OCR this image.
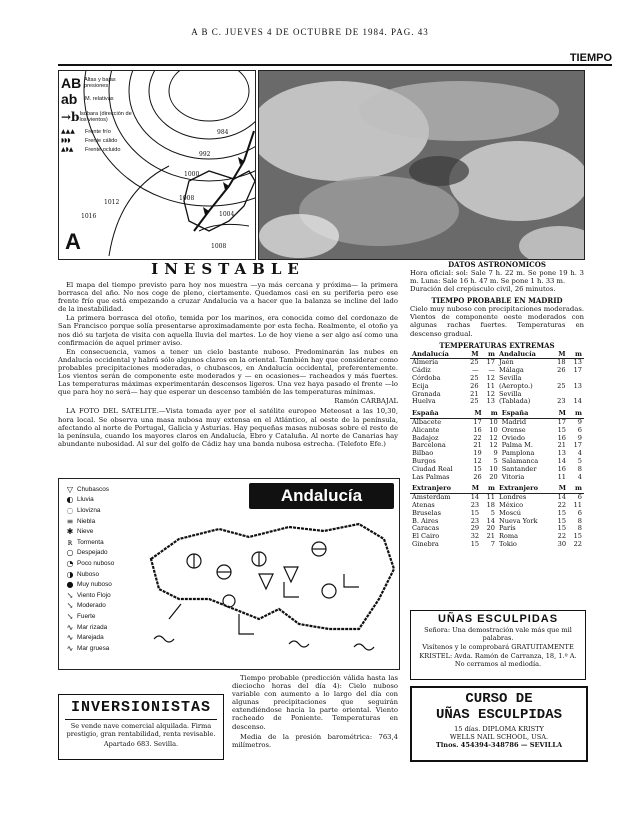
A B C. JUEVES 4 DE OCTUBRE DE 1984. PAG. 43
TIEMPO
AB Altas y bajas presiones
ab	M. relativas
→b Isobara (dirección de los vientos)
▲▲▲	Frente frío
◗◗◗	Frente cálido
▲◗▲	Frente ocluido
984
992
1000
1008
1016
1012
1004
1008
A
INESTABLE

El mapa del tiempo previsto para hoy nos muestra —ya más cercana y próxima— la primera borrasca del año. No nos coge de pleno, ciertamente. Quedamos casi en su periferia pero ese frente frío que está empezando a cruzar Andalucía va a hacer que la balanza se incline del lado de la inestabilidad.

La primera borrasca del otoño, temida por los marinos, era conocida como del cordonazo de San Francisco porque solía presentarse aproximadamente por esta fecha. Realmente, el otoño ya nos dió su tarjeta de visita con aquella lluvia del martes. Lo de hoy viene a ser algo así como una confirmación de aquel primer aviso.

En consecuencia, vamos a tener un cielo bastante nuboso. Predominarán las nubes en Andalucía occidental y habrá sólo algunos claros en la oriental. También hay que considerar como probables precipitaciones moderadas, o chubascos, en Andalucía occidental, preferentemente. Los vientos serán de componente este moderados y — en ocasiones— racheados y más fuertes. Las temperaturas máximas experimentarán descensos ligeros. Una vez haya pasado el frente —lo que para hoy no será— hay que esperar un descenso también de las temperaturas mínimas.

Ramón CARBAJAL

LA FOTO DEL SATELITE.—Vista tomada ayer por el satélite europeo Meteosat a las 10,30, hora local. Se observa una masa nubosa muy extensa en el Atlántico, al oeste de la península, afectando al norte de Portugal, Galicia y Asturias. Hay pequeñas masas nubosas sobre el resto de la península, cuando los mayores claros en Andalucía, Ebro y Cataluña. Al norte de Canarias hay abundante nubosidad. Al sur del golfo de Cádiz hay una banda nubosa estrecha. (Telefoto Efe.)

▽ Chubascos
◐ Lluvia
◌ Llovizna
≡ Niebla
✱ Nieve
ʀ Tormenta
○ Despejado
◔ Poco nuboso
◑ Nuboso
● Muy nuboso
↘ Viento Flojo
↘ Moderado
↘ Fuerte
∿ Mar rizada
∿ Marejada
∿ Mar gruesa
Andalucía
DATOS ASTRONOMICOS
Hora oficial: sol: Sale 7 h. 22 m. Se pone 19 h. 3 m. Luna: Sale 16 h. 47 m. Se pone 1 h. 33 m.
Duración del crepúsculo civil, 26 minutos.
TIEMPO PROBABLE EN MADRID
Cielo muy nuboso con precipitaciones moderadas. Vientos de componente oeste moderados con algunas rachas fuertes. Temperaturas en descenso gradual.
TEMPERATURAS EXTREMAS
Andalucía	M	m	Andalucía	M	m
Almería	25	17	Jaén	18	13
Cádiz	—	—	Málaga	26	17
Córdoba	25	12	Sevilla		
Ecija	26	11	(Aeropto.)	25	13
Granada	21	12	Sevilla		
Huelva	25	13	(Tablada)	23	14
España	M	m	España	M	m
Albacete	17	10	Madrid	17	9
Alicante	16	10	Orense	15	6
Badajoz	22	12	Oviedo	16	9
Barcelona	21	12	Palma M.	21	17
Bilbao	19	9	Pamplona	13	4
Burgos	12	5	Salamanca	14	5
Ciudad Real	15	10	Santander	16	8
Las Palmas	26	20	Vitoria	11	4
Extranjero	M	m	Extranjero	M	m
Amsterdam	14	11	Londres	14	6
Atenas	23	18	México	22	11
Bruselas	15	5	Moscú	15	6
B. Aires	23	14	Nueva York	15	8
Caracas	29	20	París	15	8
El Cairo	32	21	Roma	22	15
Ginebra	15	7	Tokio	30	22
Tiempo probable (predicción válida hasta las dieciocho horas del día 4): Cielo nuboso variable con aumento a lo largo del día con algunas precipitaciones que seguirán extendiéndose hacia la parte oriental. Viento racheado de Poniente. Temperaturas en descenso.
Media de la presión barométrica: 763,4 milímetros.
INVERSIONISTAS
Se vende nave comercial alquilada. Firma prestigio, gran rentabilidad, renta revisable.
Apartado 683. Sevilla.
UÑAS ESCULPIDAS
Señora: Una demostración vale más que mil palabras.
Visítenos y le comprobará GRATUITAMENTE
KRISTEL: Avda. Ramón de Carranza, 18, 1.º A. No cerramos al mediodía.
CURSO DE
UÑAS ESCULPIDAS
15 días. DIPLOMA KRISTY
WELLS NAIL SCHOOL, USA.
Tlnos. 454394-348786 — SEVILLA
